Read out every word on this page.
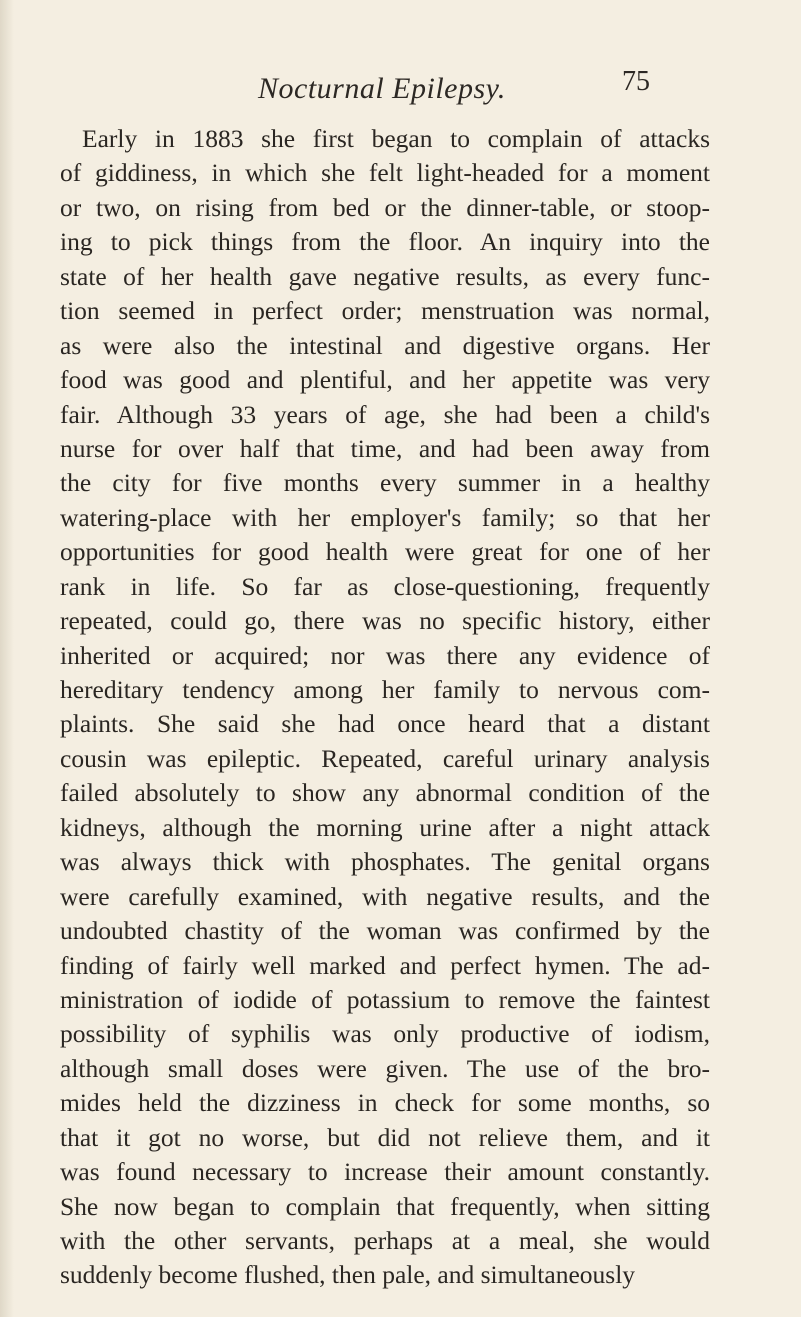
Nocturnal Epilepsy.	75
Early in 1883 she first began to complain of attacks
of giddiness, in which she felt light-headed for a moment
or two, on rising from bed or the dinner-table, or stoop-
ing to pick things from the floor. An inquiry into the
state of her health gave negative results, as every func-
tion seemed in perfect order; menstruation was normal,
as were also the intestinal and digestive organs. Her
food was good and plentiful, and her appetite was very
fair. Although 33 years of age, she had been a child's
nurse for over half that time, and had been away from
the city for five months every summer in a healthy
watering-place with her employer's family; so that her
opportunities for good health were great for one of her
rank in life. So far as close-questioning, frequently
repeated, could go, there was no specific history, either
inherited or acquired; nor was there any evidence of
hereditary tendency among her family to nervous com-
plaints. She said she had once heard that a distant
cousin was epileptic. Repeated, careful urinary analysis
failed absolutely to show any abnormal condition of the
kidneys, although the morning urine after a night attack
was always thick with phosphates. The genital organs
were carefully examined, with negative results, and the
undoubted chastity of the woman was confirmed by the
finding of fairly well marked and perfect hymen. The ad-
ministration of iodide of potassium to remove the faintest
possibility of syphilis was only productive of iodism,
although small doses were given. The use of the bro-
mides held the dizziness in check for some months, so
that it got no worse, but did not relieve them, and it
was found necessary to increase their amount constantly.
She now began to complain that frequently, when sitting
with the other servants, perhaps at a meal, she would
suddenly become flushed, then pale, and simultaneously
